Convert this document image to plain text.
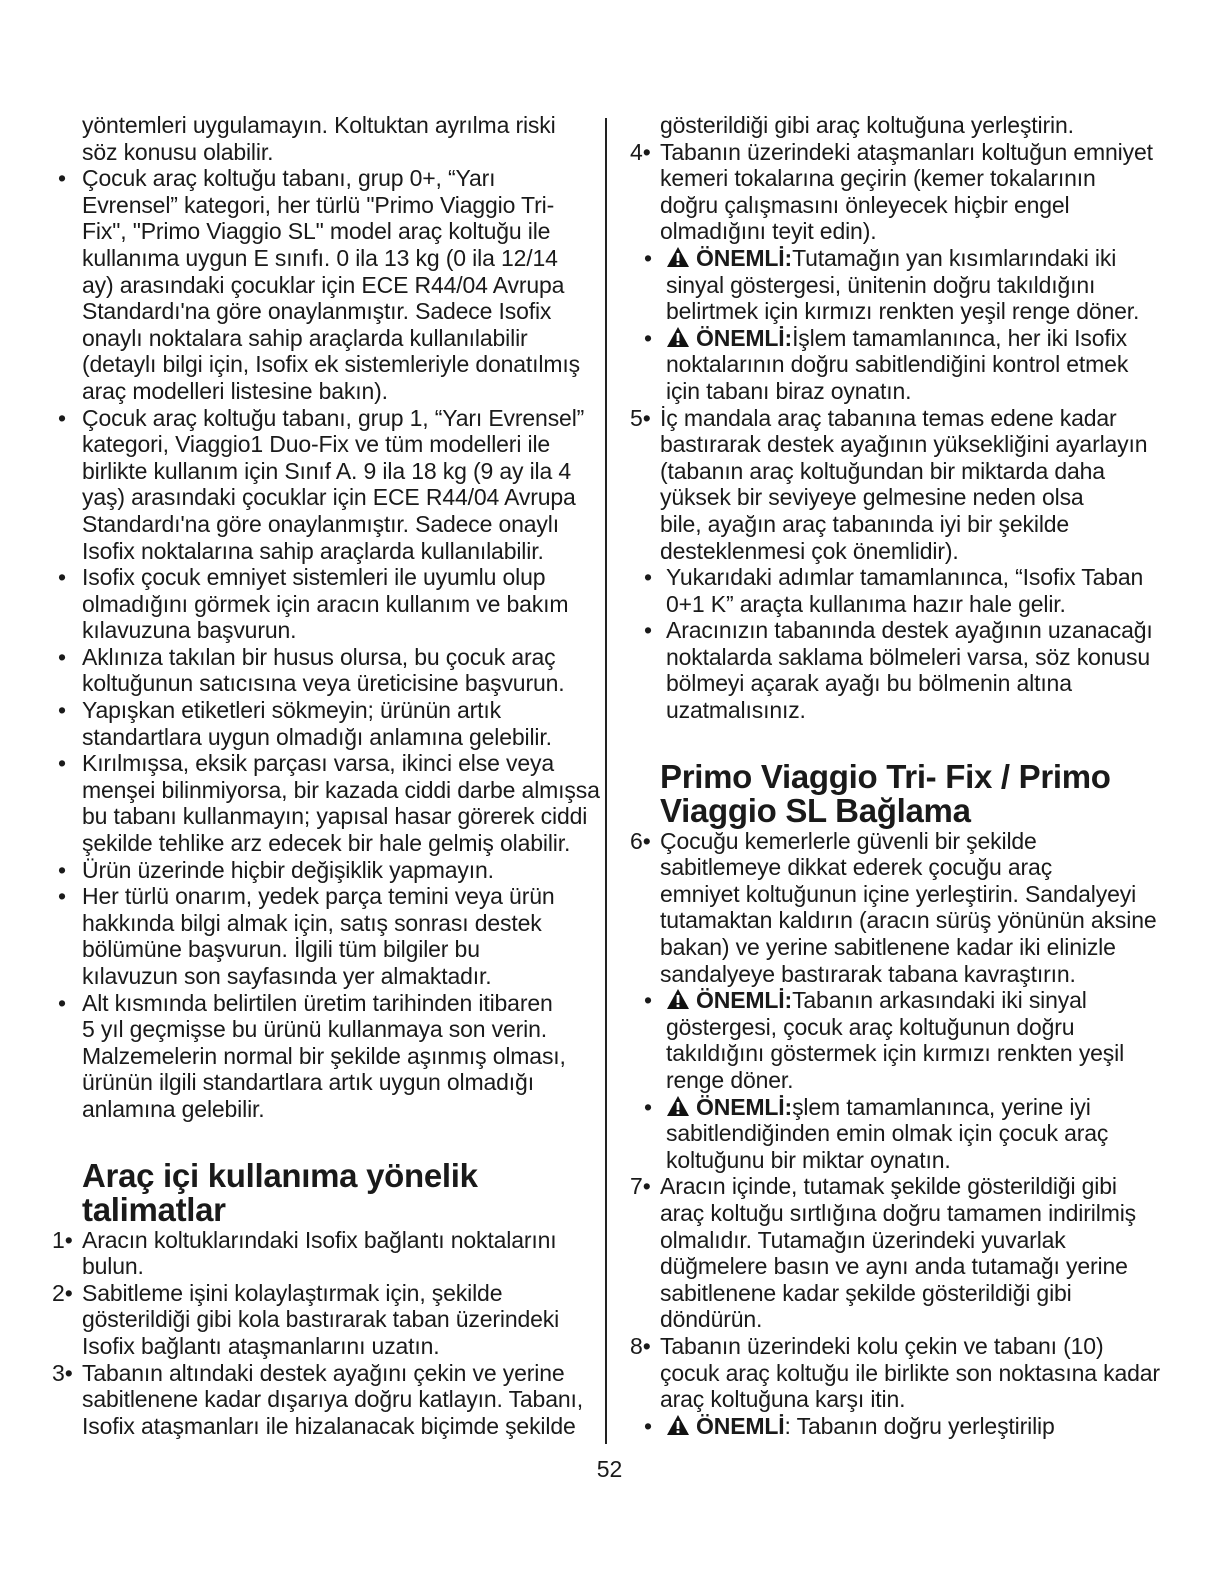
yöntemleri uygulamayın. Koltuktan ayrılma riski
söz konusu olabilir.
• Çocuk araç koltuğu tabanı, grup 0+, “Yarı
Evrensel” kategori, her türlü "Primo Viaggio Tri-
Fix", "Primo Viaggio SL" model araç koltuğu ile
kullanıma uygun E sınıfı. 0 ila 13 kg (0 ila 12/14
ay) arasındaki çocuklar için ECE R44/04 Avrupa
Standardı'na göre onaylanmıştır. Sadece Isofix
onaylı noktalara sahip araçlarda kullanılabilir
(detaylı bilgi için, Isofix ek sistemleriyle donatılmış
araç modelleri listesine bakın).
• Çocuk araç koltuğu tabanı, grup 1, “Yarı Evrensel”
kategori, Viaggio1 Duo-Fix ve tüm modelleri ile
birlikte kullanım için Sınıf A. 9 ila 18 kg (9 ay ila 4
yaş) arasındaki çocuklar için ECE R44/04 Avrupa
Standardı'na göre onaylanmıştır. Sadece onaylı
Isofix noktalarına sahip araçlarda kullanılabilir.
• Isofix çocuk emniyet sistemleri ile uyumlu olup
olmadığını görmek için aracın kullanım ve bakım
kılavuzuna başvurun.
• Aklınıza takılan bir husus olursa, bu çocuk araç
koltuğunun satıcısına veya üreticisine başvurun.
• Yapışkan etiketleri sökmeyin; ürünün artık
standartlara uygun olmadığı anlamına gelebilir.
• Kırılmışsa, eksik parçası varsa, ikinci else veya
menşei bilinmiyorsa, bir kazada ciddi darbe almışsa
bu tabanı kullanmayın; yapısal hasar görerek ciddi
şekilde tehlike arz edecek bir hale gelmiş olabilir.
• Ürün üzerinde hiçbir değişiklik yapmayın.
• Her türlü onarım, yedek parça temini veya ürün
hakkında bilgi almak için, satış sonrası destek
bölümüne başvurun. İlgili tüm bilgiler bu
kılavuzun son sayfasında yer almaktadır.
• Alt kısmında belirtilen üretim tarihinden itibaren
5 yıl geçmişse bu ürünü kullanmaya son verin.
Malzemelerin normal bir şekilde aşınmış olması,
ürünün ilgili standartlara artık uygun olmadığı
anlamına gelebilir.
Araç içi kullanıma yönelik
talimatlar
1• Aracın koltuklarındaki Isofix bağlantı noktalarını
bulun.
2• Sabitleme işini kolaylaştırmak için, şekilde
gösterildiği gibi kola bastırarak taban üzerindeki
Isofix bağlantı ataşmanlarını uzatın.
3• Tabanın altındaki destek ayağını çekin ve yerine
sabitlenene kadar dışarıya doğru katlayın. Tabanı,
Isofix ataşmanları ile hizalanacak biçimde şekilde
gösterildiği gibi araç koltuğuna yerleştirin.
4• Tabanın üzerindeki ataşmanları koltuğun emniyet
kemeri tokalarına geçirin (kemer tokalarının
doğru çalışmasını önleyecek hiçbir engel
olmadığını teyit edin).
•	ÖNEMLİ:Tutamağın yan kısımlarındaki iki
sinyal göstergesi, ünitenin doğru takıldığını
belirtmek için kırmızı renkten yeşil renge döner.
•	ÖNEMLİ:İşlem tamamlanınca, her iki Isofix
noktalarının doğru sabitlendiğini kontrol etmek
için tabanı biraz oynatın.
5• İç mandala araç tabanına temas edene kadar
bastırarak destek ayağının yüksekliğini ayarlayın
(tabanın araç koltuğundan bir miktarda daha
yüksek bir seviyeye gelmesine neden olsa
bile, ayağın araç tabanında iyi bir şekilde
desteklenmesi çok önemlidir).
• Yukarıdaki adımlar tamamlanınca, “Isofix Taban
0+1 K” araçta kullanıma hazır hale gelir.
• Aracınızın tabanında destek ayağının uzanacağı
noktalarda saklama bölmeleri varsa, söz konusu
bölmeyi açarak ayağı bu bölmenin altına
uzatmalısınız.
Primo Viaggio Tri- Fix / Primo
Viaggio SL Bağlama
6• Çocuğu kemerlerle güvenli bir şekilde
sabitlemeye dikkat ederek çocuğu araç
emniyet koltuğunun içine yerleştirin. Sandalyeyi
tutamaktan kaldırın (aracın sürüş yönünün aksine
bakan) ve yerine sabitlenene kadar iki elinizle
sandalyeye bastırarak tabana kavraştırın.
•	ÖNEMLİ:Tabanın arkasındaki iki sinyal
göstergesi, çocuk araç koltuğunun doğru
takıldığını göstermek için kırmızı renkten yeşil
renge döner.
•	ÖNEMLİ:şlem tamamlanınca, yerine iyi
sabitlendiğinden emin olmak için çocuk araç
koltuğunu bir miktar oynatın.
7• Aracın içinde, tutamak şekilde gösterildiği gibi
araç koltuğu sırtlığına doğru tamamen indirilmiş
olmalıdır. Tutamağın üzerindeki yuvarlak
düğmelere basın ve aynı anda tutamağı yerine
sabitlenene kadar şekilde gösterildiği gibi
döndürün.
8• Tabanın üzerindeki kolu çekin ve tabanı (10)
çocuk araç koltuğu ile birlikte son noktasına kadar
araç koltuğuna karşı itin.
•	ÖNEMLİ: Tabanın doğru yerleştirilip
52
